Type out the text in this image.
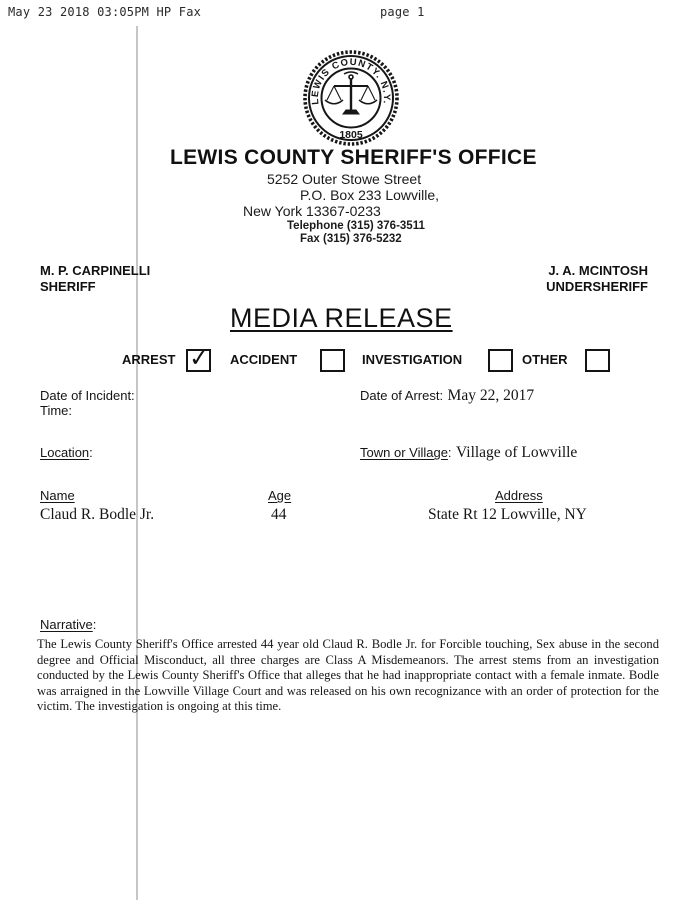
May 23 2018 03:05PM HP Fax	page 1
LEWIS COUNTY. N.Y.
1805
LEWIS COUNTY SHERIFF'S OFFICE
5252 Outer Stowe Street
P.O. Box 233 Lowville,
New York 13367-0233
Telephone (315) 376-3511
Fax (315) 376-5232
M. P. CARPINELLI
SHERIFF
J. A. MCINTOSH
UNDERSHERIFF
MEDIA RELEASE
ARREST ✓ ACCIDENT	INVESTIGATION	OTHER
Date of Incident:
Time:
Date of Arrest: May 22, 2017
Location:	Town or Village: Village of Lowville
Name	Age	Address
Claud R. Bodle Jr.	44	State Rt 12 Lowville, NY
Narrative:
The Lewis County Sheriff's Office arrested 44 year old Claud R. Bodle Jr. for Forcible touching, Sex abuse in the second degree and Official Misconduct, all three charges are Class A Misdemeanors. The arrest stems from an investigation conducted by the Lewis County Sheriff's Office that alleges that he had inappropriate contact with a female inmate. Bodle was arraigned in the Lowville Village Court and was released on his own recognizance with an order of protection for the victim. The investigation is ongoing at this time.
